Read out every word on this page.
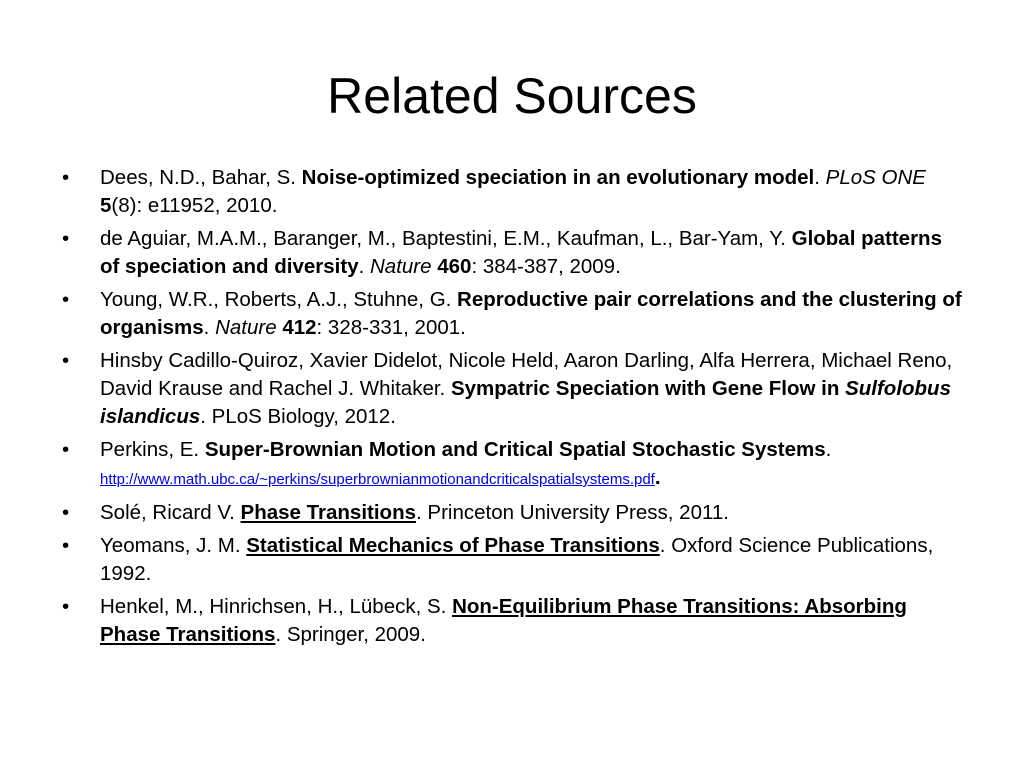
Related Sources
•	Dees, N.D., Bahar, S. Noise-optimized speciation in an evolutionary model. PLoS ONE 5(8): e11952, 2010.
•	de Aguiar, M.A.M., Baranger, M., Baptestini, E.M., Kaufman, L., Bar-Yam, Y. Global patterns of speciation and diversity. Nature 460: 384-387, 2009.
•	Young, W.R., Roberts, A.J., Stuhne, G. Reproductive pair correlations and the clustering of organisms. Nature 412: 328-331, 2001.
•	Hinsby Cadillo-Quiroz, Xavier Didelot, Nicole Held, Aaron Darling, Alfa Herrera, Michael Reno, David Krause and Rachel J. Whitaker. Sympatric Speciation with Gene Flow in Sulfolobus islandicus. PLoS Biology, 2012.
•	Perkins, E. Super-Brownian Motion and Critical Spatial Stochastic Systems. http://www.math.ubc.ca/~perkins/superbrownianmotionandcriticalspatialsystems.pdf.
•	Solé, Ricard V. Phase Transitions. Princeton University Press, 2011.
•	Yeomans, J. M. Statistical Mechanics of Phase Transitions. Oxford Science Publications, 1992.
•	Henkel, M., Hinrichsen, H., Lübeck, S. Non-Equilibrium Phase Transitions: Absorbing Phase Transitions. Springer, 2009.
